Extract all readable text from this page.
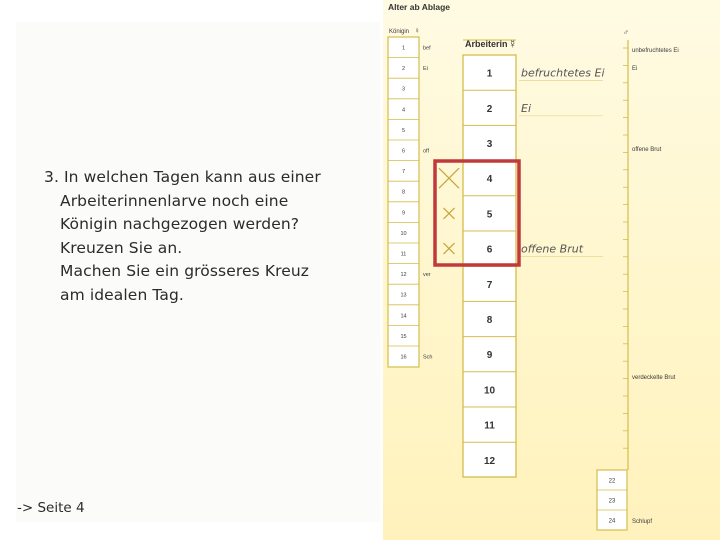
3. In welchen Tagen kann aus einer
Arbeiterinnenlarve noch eine
Königin nachgezogen werden?
Kreuzen Sie an.
Machen Sie ein grösseres Kreuz
am idealen Tag.
-> Seite 4
Alter ab Ablage
Königin ♀
1
2
3
4
5
6
7
8
9
10
11
12
13
14
15
16
bef
Ei
off
ver
Sch
Arbeiterin ☿
1
2
3
4
5
6
7
8
9
10
11
12
befruchtetes Ei
Ei
offene Brut
♂
22
23
24
unbefruchtetes Ei
Ei
offene Brut
verdeckelte Brut
Schlupf
